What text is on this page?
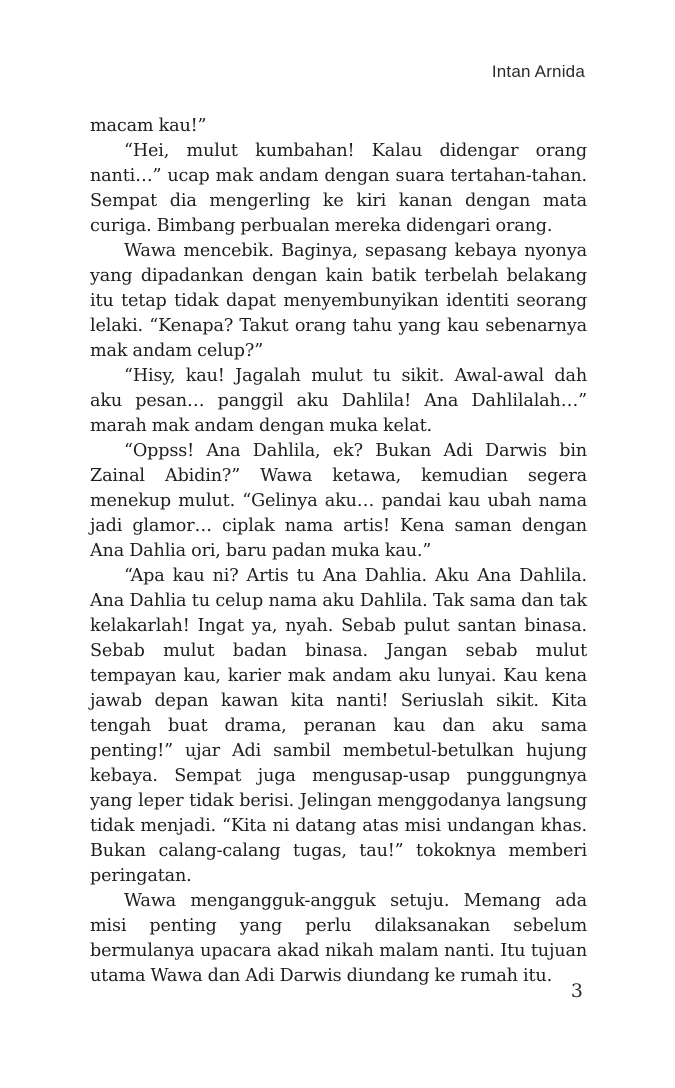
Intan Arnida

macam kau!”

“Hei, mulut kumbahan! Kalau didengar orang nanti…” ucap mak andam dengan suara tertahan-tahan. Sempat dia mengerling ke kiri kanan dengan mata curiga. Bimbang perbualan mereka didengari orang.

Wawa mencebik. Baginya, sepasang kebaya nyonya yang dipadankan dengan kain batik terbelah belakang itu tetap tidak dapat menyembunyikan identiti seorang lelaki. “Kenapa? Takut orang tahu yang kau sebenarnya mak andam celup?”

“Hisy, kau! Jagalah mulut tu sikit. Awal-awal dah aku pesan… panggil aku Dahlila! Ana Dahlilalah…” marah mak andam dengan muka kelat.

“Oppss! Ana Dahlila, ek? Bukan Adi Darwis bin Zainal Abidin?” Wawa ketawa, kemudian segera menekup mulut. “Gelinya aku… pandai kau ubah nama jadi glamor… ciplak nama artis! Kena saman dengan Ana Dahlia ori, baru padan muka kau.”

“Apa kau ni? Artis tu Ana Dahlia. Aku Ana Dahlila. Ana Dahlia tu celup nama aku Dahlila. Tak sama dan tak kelakarlah! Ingat ya, nyah. Sebab pulut santan binasa. Sebab mulut badan binasa. Jangan sebab mulut tempayan kau, karier mak andam aku lunyai. Kau kena jawab depan kawan kita nanti! Seriuslah sikit. Kita tengah buat drama, peranan kau dan aku sama penting!” ujar Adi sambil membetul-betulkan hujung kebaya. Sempat juga mengusap-usap punggungnya yang leper tidak berisi. Jelingan menggodanya langsung tidak menjadi. “Kita ni datang atas misi undangan khas. Bukan calang-calang tugas, tau!” tokoknya memberi peringatan.

Wawa mengangguk-angguk setuju. Memang ada misi penting yang perlu dilaksanakan sebelum bermulanya upacara akad nikah malam nanti. Itu tujuan utama Wawa dan Adi Darwis diundang ke rumah itu.

3
